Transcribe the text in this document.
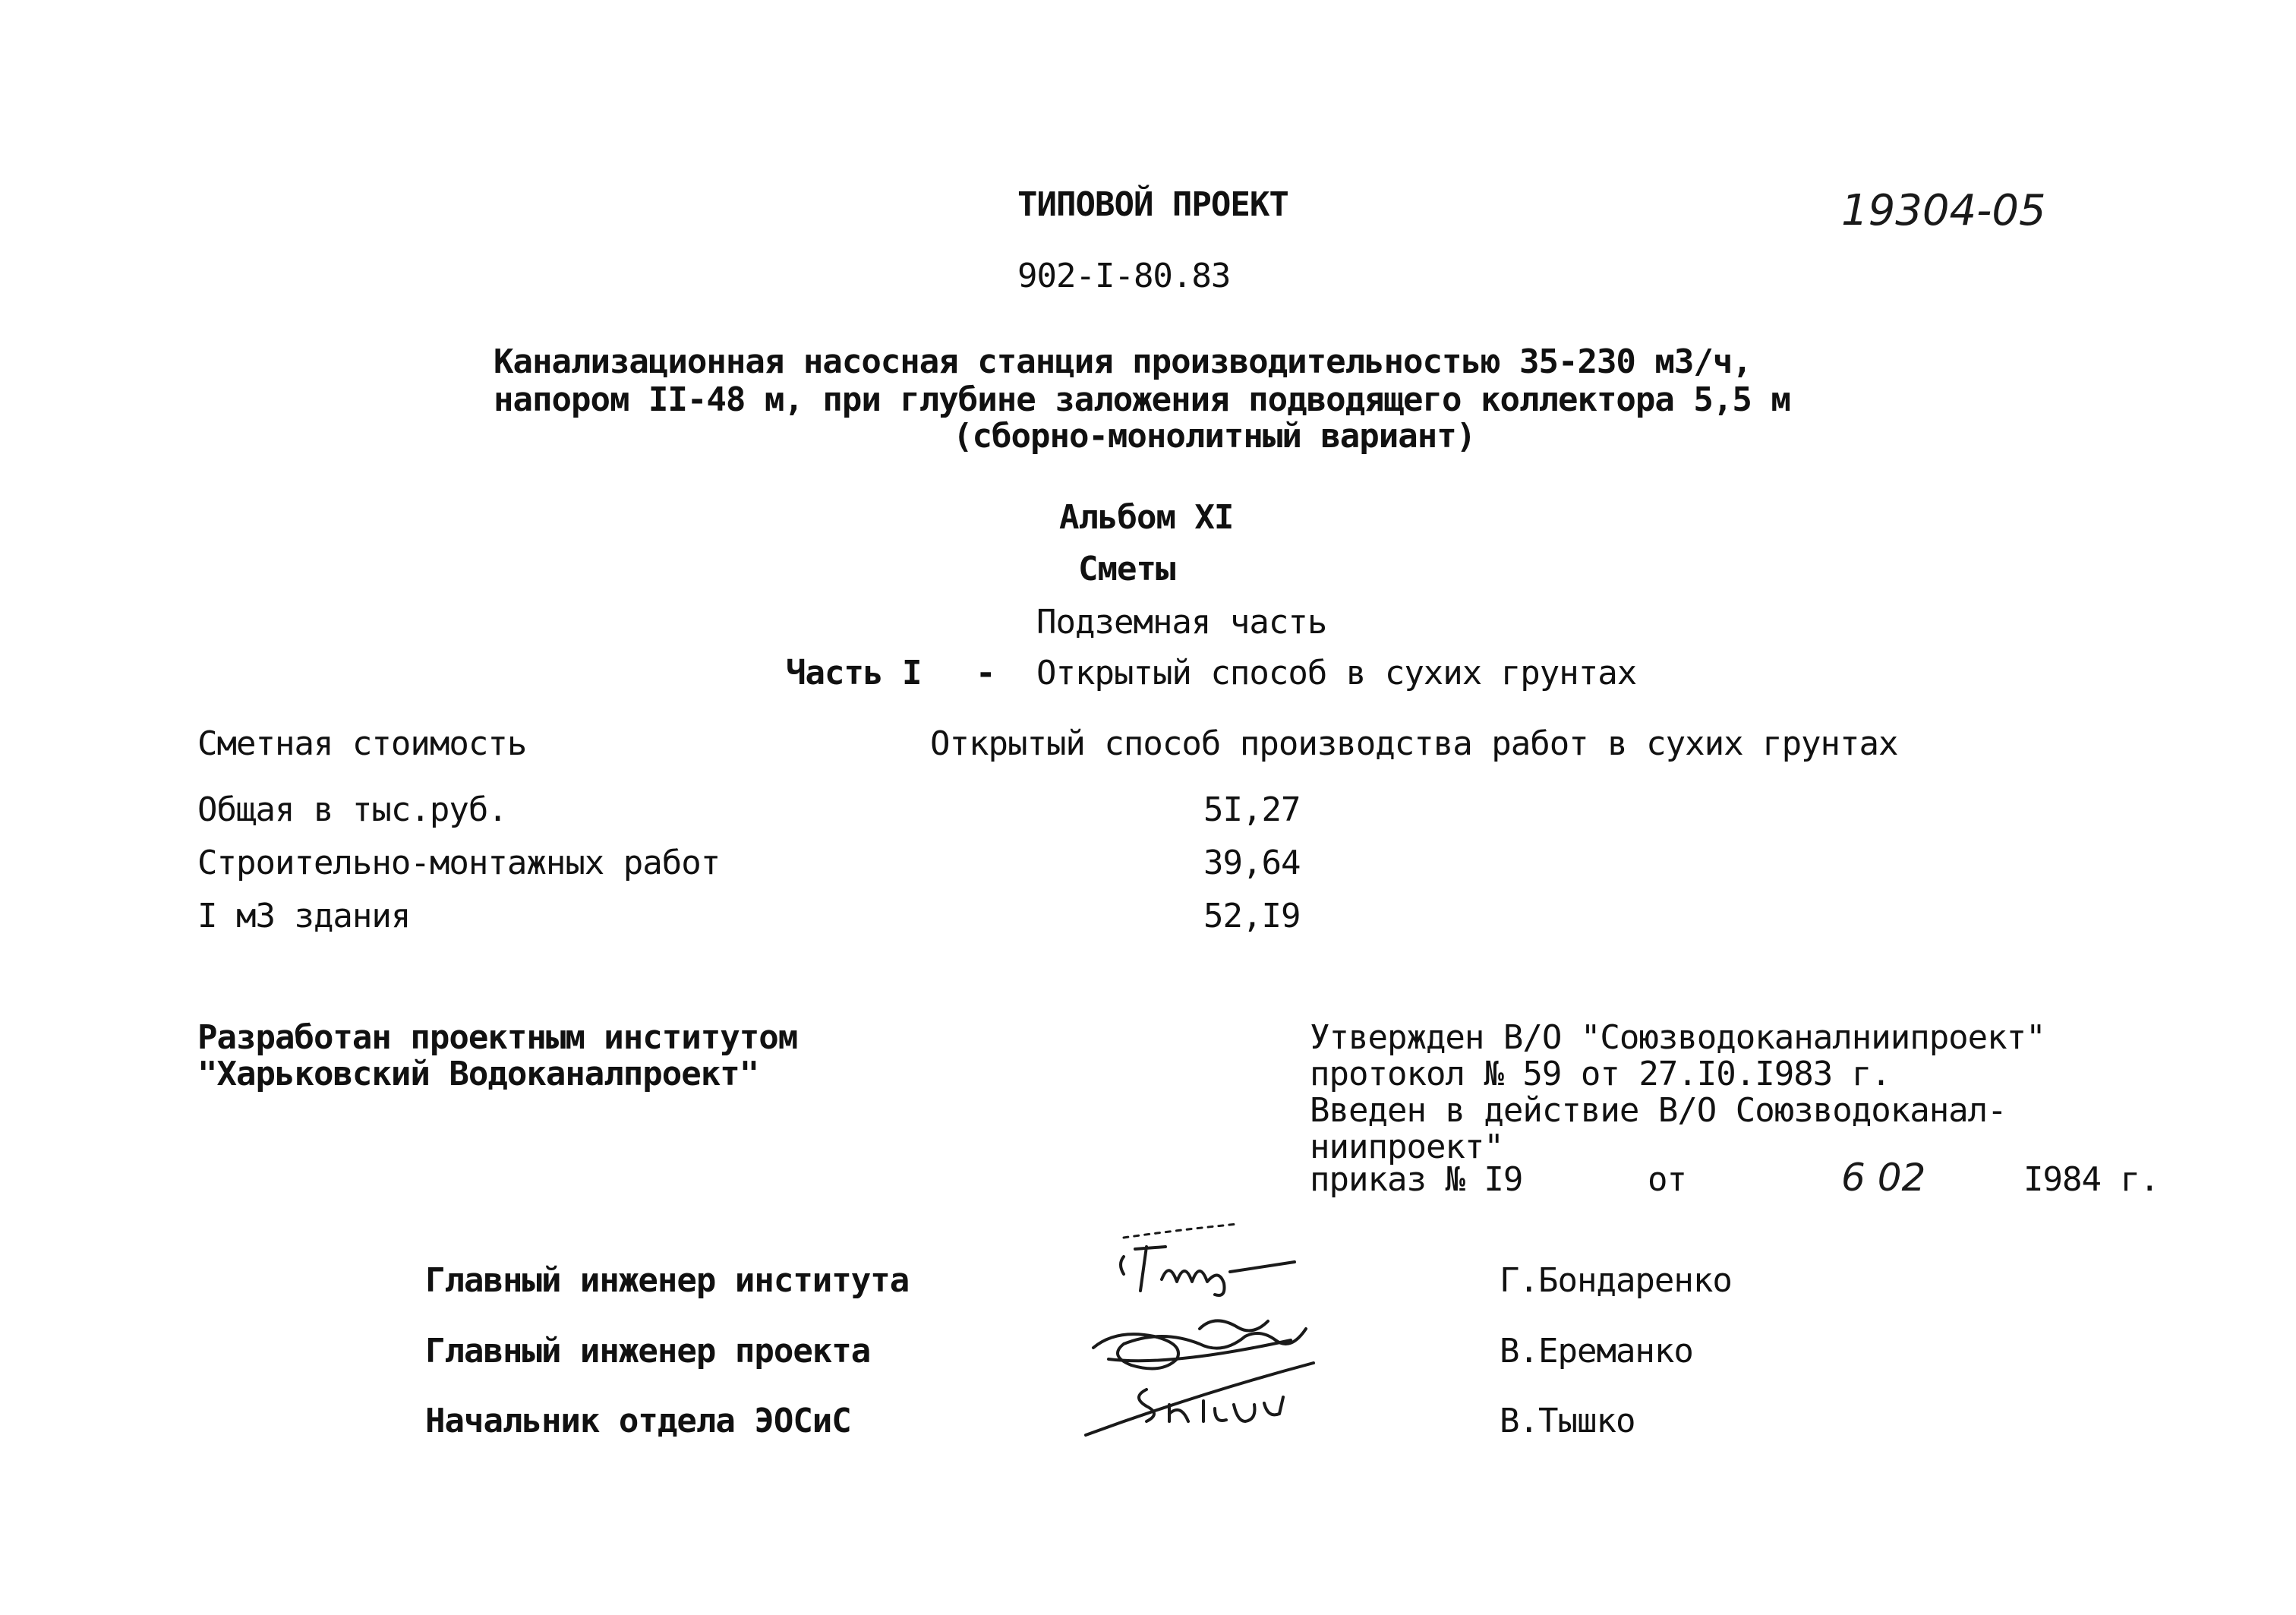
ТИПОВОЙ ПРОЕКТ
902-I-80.83
19304-05
Канализационная насосная станция производительностью 35-230 м3/ч,
напором II-48 м, при глубине заложения подводящего коллектора 5,5 м
(сборно-монолитный вариант)
Альбом XI
Сметы
Подземная часть
Часть I - Открытый способ в сухих грунтах
Сметная стоимость	Открытый способ производства работ в сухих грунтах
Общая в тыс.руб.	5I,27
Строительно-монтажных работ	39,64
I м3 здания	52,I9
Разработан проектным институтом
"Харьковский Водоканалпроект"
Утвержден В/О "Союзводоканалниипроект"
протокол № 59 от 27.I0.I983 г.
Введен в действие В/О Союзводоканал-
ниипроект"
приказ № I9	от	6 02	I984 г.
Главный инженер института	Г.Бондаренко
Главный инженер проекта	В.Ереманко
Начальник отдела ЭОСиС	В.Тышко
